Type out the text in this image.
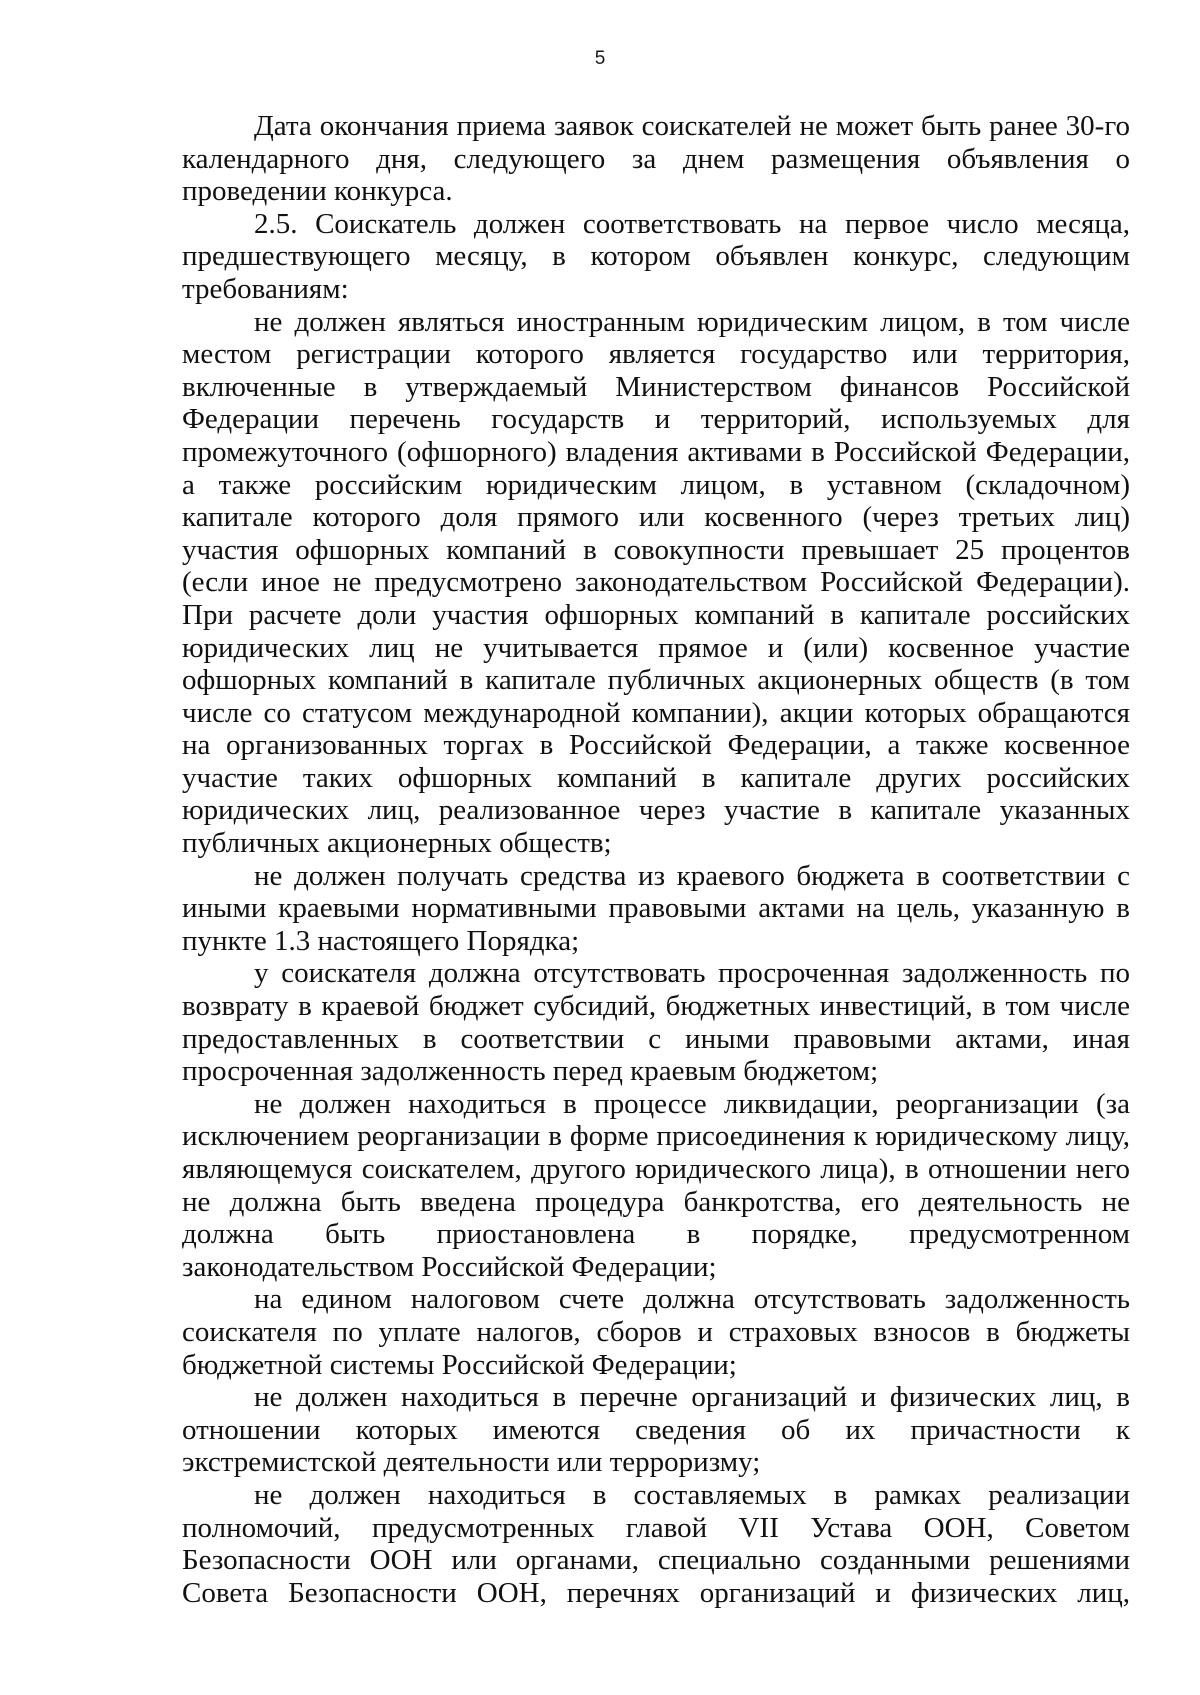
5

Дата окончания приема заявок соискателей не может быть ранее 30-го календарного дня, следующего за днем размещения объявления о проведении конкурса.

2.5. Соискатель должен соответствовать на первое число месяца, предшествующего месяцу, в котором объявлен конкурс, следующим требованиям:

не должен являться иностранным юридическим лицом, в том числе местом регистрации которого является государство или территория, включенные в утверждаемый Министерством финансов Российской Федерации перечень государств и территорий, используемых для промежуточного (офшорного) владения активами в Российской Федерации, а также российским юридическим лицом, в уставном (складочном) капитале которого доля прямого или косвенного (через третьих лиц) участия офшорных компаний в совокупности превышает 25 процентов (если иное не предусмотрено законодательством Российской Федерации). При расчете доли участия офшорных компаний в капитале российских юридических лиц не учитывается прямое и (или) косвенное участие офшорных компаний в капитале публичных акционерных обществ (в том числе со статусом международной компании), акции которых обращаются на организованных торгах в Российской Федерации, а также косвенное участие таких офшорных компаний в капитале других российских юридических лиц, реализованное через участие в капитале указанных публичных акционерных обществ;

не должен получать средства из краевого бюджета в соответствии с иными краевыми нормативными правовыми актами на цель, указанную в пункте 1.3 настоящего Порядка;

у соискателя должна отсутствовать просроченная задолженность по возврату в краевой бюджет субсидий, бюджетных инвестиций, в том числе предоставленных в соответствии с иными правовыми актами, иная просроченная задолженность перед краевым бюджетом;

не должен находиться в процессе ликвидации, реорганизации (за исключением реорганизации в форме присоединения к юридическому лицу, являющемуся соискателем, другого юридического лица), в отношении него не должна быть введена процедура банкротства, его деятельность не должна быть приостановлена в порядке, предусмотренном законодательством Российской Федерации;

на едином налоговом счете должна отсутствовать задолженность соискателя по уплате налогов, сборов и страховых взносов в бюджеты бюджетной системы Российской Федерации;

не должен находиться в перечне организаций и физических лиц, в отношении которых имеются сведения об их причастности к экстремистской деятельности или терроризму;

не должен находиться в составляемых в рамках реализации полномочий, предусмотренных главой VII Устава ООН, Советом Безопасности ООН или органами, специально созданными решениями Совета Безопасности ООН, перечнях организаций и физических лиц,
